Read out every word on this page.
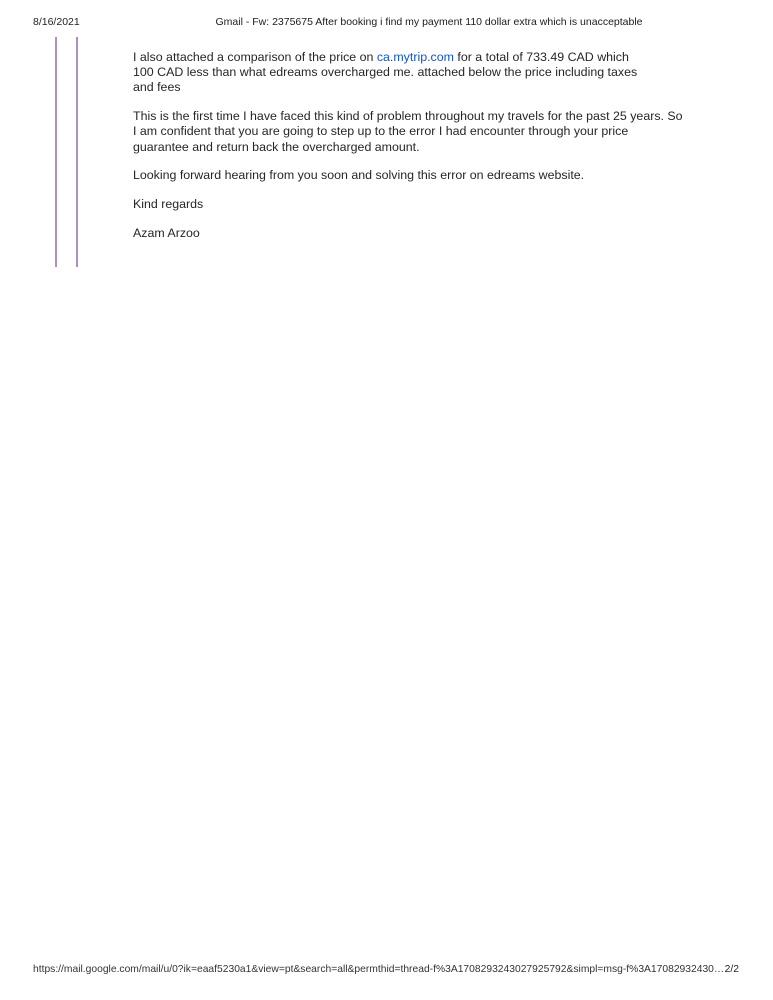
8/16/2021	Gmail - Fw: 2375675 After booking i find my payment 110 dollar extra which is unacceptable
I also attached a comparison of the price on ca.mytrip.com for a total of 733.49 CAD which
100 CAD less than what edreams overcharged me. attached below the price including taxes
and fees
This is the first time I have faced this kind of problem throughout my travels for the past 25 years. So
I am confident that you are going to step up to the error I had encounter through your price
guarantee and return back the overcharged amount.
Looking forward hearing from you soon and solving this error on edreams website.
Kind regards
Azam Arzoo
https://mail.google.com/mail/u/0?ik=eaaf5230a1&view=pt&search=all&permthid=thread-f%3A1708293243027925792&simpl=msg-f%3A17082932430… 2/2
